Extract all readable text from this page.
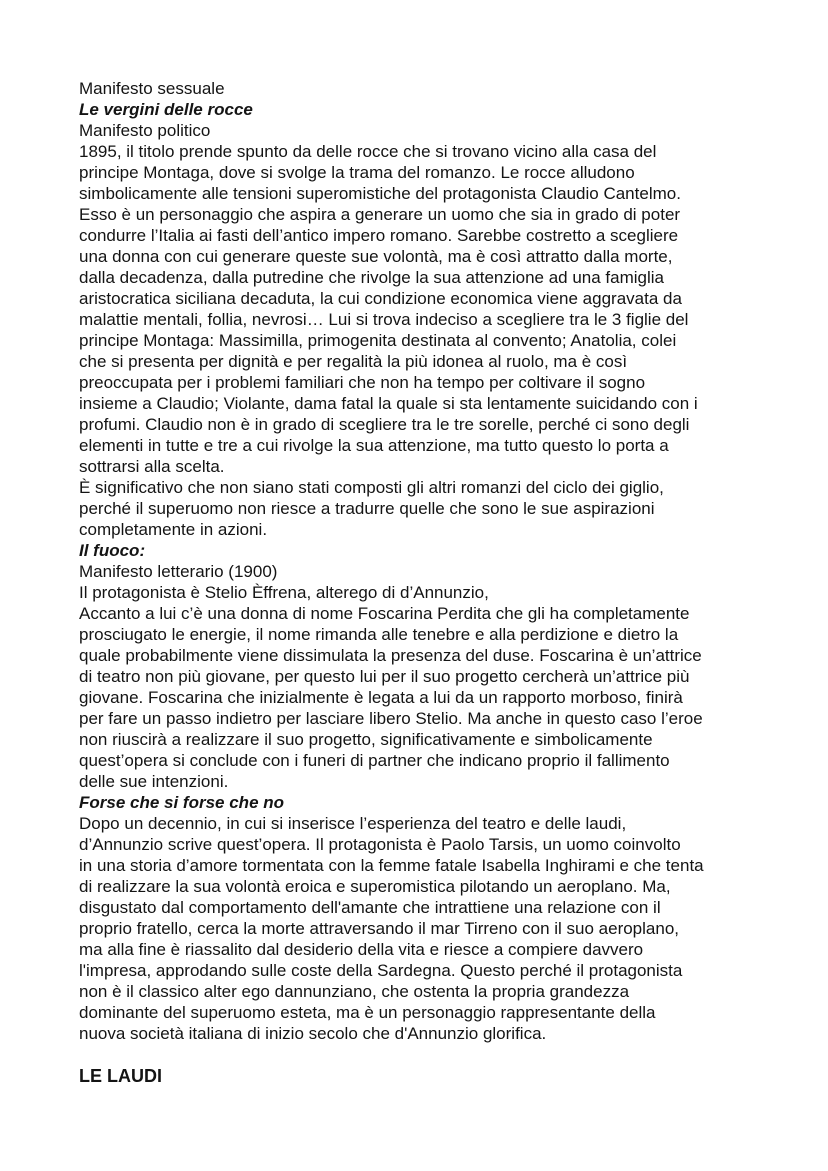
Manifesto sessuale
Le vergini delle rocce
Manifesto politico
1895, il titolo prende spunto da delle rocce che si trovano vicino alla casa del
principe Montaga, dove si svolge la trama del romanzo. Le rocce alludono
simbolicamente alle tensioni superomistiche del protagonista Claudio Cantelmo.
Esso è un personaggio che aspira a generare un uomo che sia in grado di poter
condurre l’Italia ai fasti dell’antico impero romano. Sarebbe costretto a scegliere
una donna con cui generare queste sue volontà, ma è così attratto dalla morte,
dalla decadenza, dalla putredine che rivolge la sua attenzione ad una famiglia
aristocratica siciliana decaduta, la cui condizione economica viene aggravata da
malattie mentali, follia, nevrosi… Lui si trova indeciso a scegliere tra le 3 figlie del
principe Montaga: Massimilla, primogenita destinata al convento; Anatolia, colei
che si presenta per dignità e per regalità la più idonea al ruolo, ma è così
preoccupata per i problemi familiari che non ha tempo per coltivare il sogno
insieme a Claudio; Violante, dama fatal la quale si sta lentamente suicidando con i
profumi. Claudio non è in grado di scegliere tra le tre sorelle, perché ci sono degli
elementi in tutte e tre a cui rivolge la sua attenzione, ma tutto questo lo porta a
sottrarsi alla scelta.
È significativo che non siano stati composti gli altri romanzi del ciclo dei giglio,
perché il superuomo non riesce a tradurre quelle che sono le sue aspirazioni
completamente in azioni.
Il fuoco:
Manifesto letterario (1900)
Il protagonista è Stelio Èffrena, alterego di d’Annunzio,
Accanto a lui c’è una donna di nome Foscarina Perdita che gli ha completamente
prosciugato le energie, il nome rimanda alle tenebre e alla perdizione e dietro la
quale probabilmente viene dissimulata la presenza del duse. Foscarina è un’attrice
di teatro non più giovane, per questo lui per il suo progetto cercherà un’attrice più
giovane. Foscarina che inizialmente è legata a lui da un rapporto morboso, finirà
per fare un passo indietro per lasciare libero Stelio. Ma anche in questo caso l’eroe
non riuscirà a realizzare il suo progetto, significativamente e simbolicamente
quest’opera si conclude con i funeri di partner che indicano proprio il fallimento
delle sue intenzioni.
Forse che si forse che no
Dopo un decennio, in cui si inserisce l’esperienza del teatro e delle laudi,
d’Annunzio scrive quest’opera. Il protagonista è Paolo Tarsis, un uomo coinvolto
in una storia d’amore tormentata con la femme fatale Isabella Inghirami e che tenta
di realizzare la sua volontà eroica e superomistica pilotando un aeroplano. Ma,
disgustato dal comportamento dell'amante che intrattiene una relazione con il
proprio fratello, cerca la morte attraversando il mar Tirreno con il suo aeroplano,
ma alla fine è riassalito dal desiderio della vita e riesce a compiere davvero
l'impresa, approdando sulle coste della Sardegna. Questo perché il protagonista
non è il classico alter ego dannunziano, che ostenta la propria grandezza
dominante del superuomo esteta, ma è un personaggio rappresentante della
nuova società italiana di inizio secolo che d'Annunzio glorifica.
LE LAUDI
